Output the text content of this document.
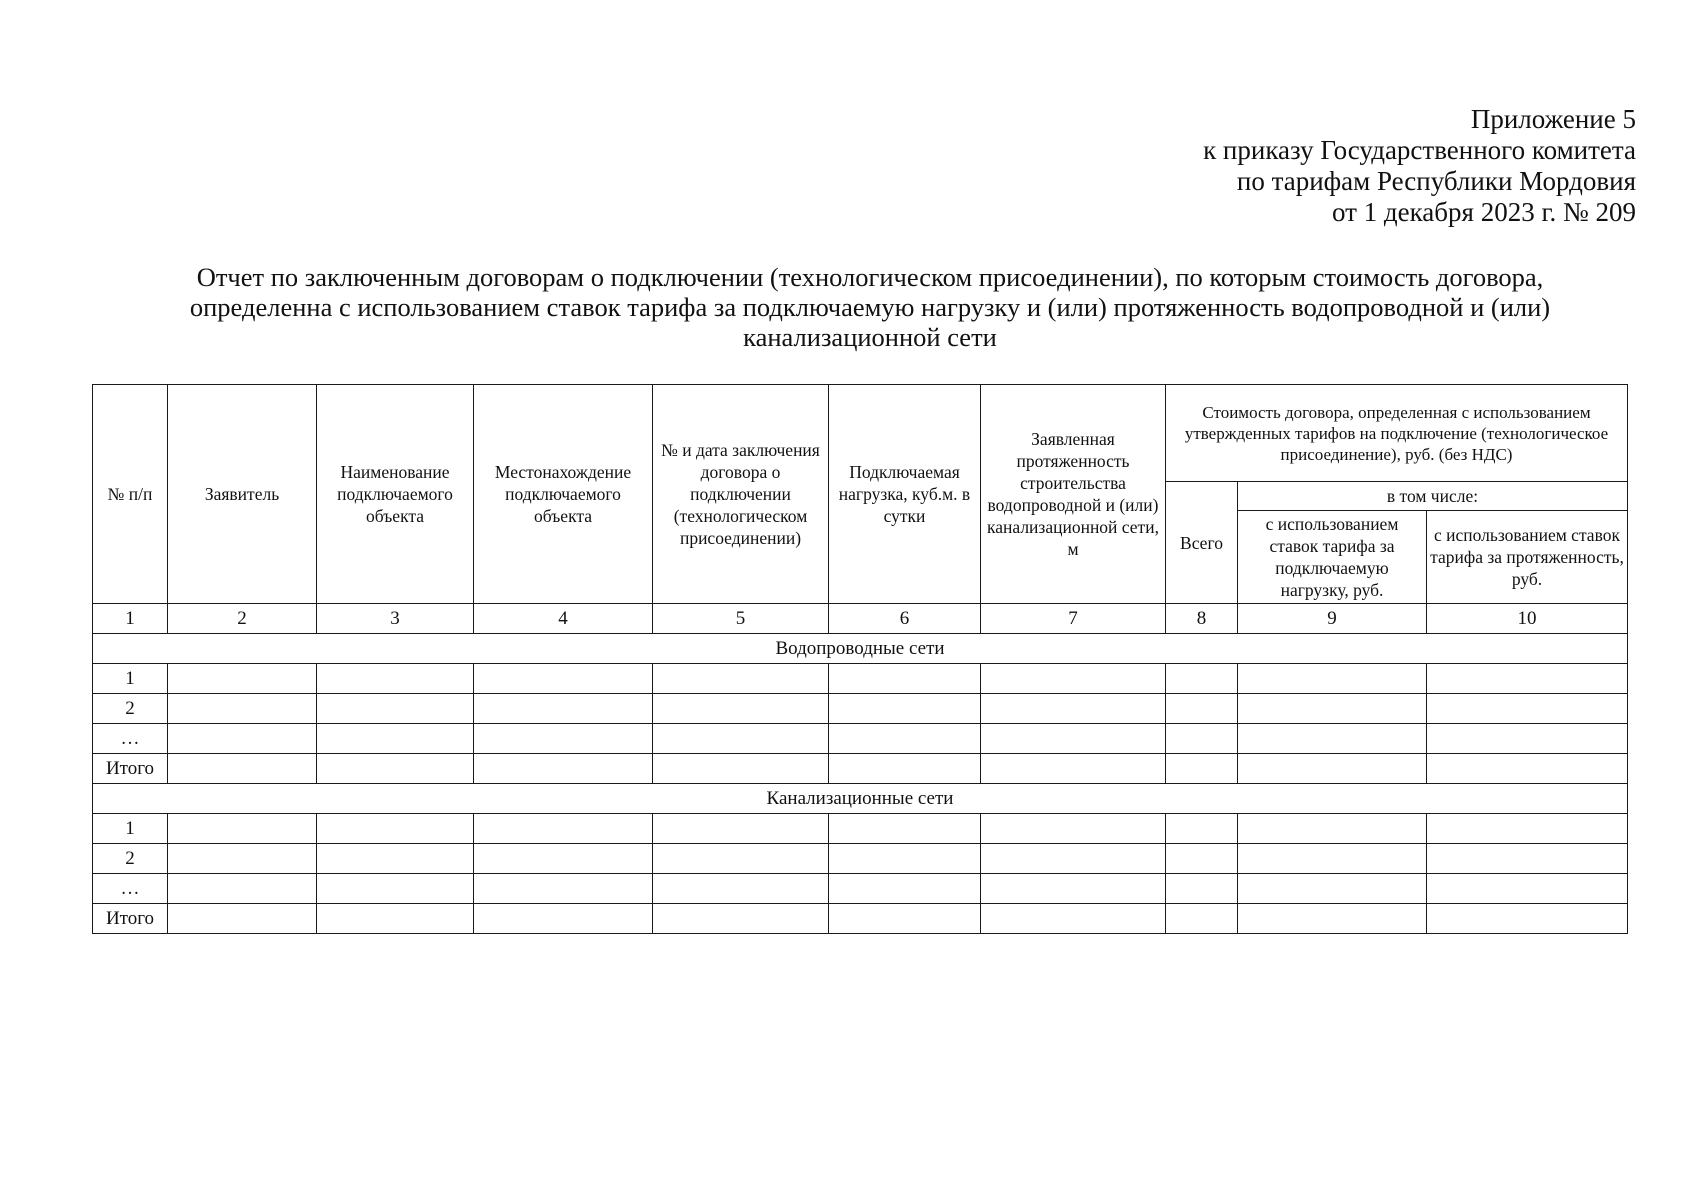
Приложение 5
к приказу Государственного комитета
по тарифам Республики Мордовия
от 1 декабря 2023 г. № 209
Отчет по заключенным договорам о подключении (технологическом присоединении), по которым стоимость договора,
определенна с использованием ставок тарифа за подключаемую нагрузку и (или) протяженность водопроводной и (или)
канализационной сети
№ п/п	Заявитель	Наименование подключаемого объекта	Местонахождение подключаемого объекта	№ и дата заключения договора о подключении (технологическом присоединении)	Подключаемая нагрузка, куб.м. в сутки	Заявленная протяженность строительства водопроводной и (или) канализационной сети, м	Стоимость договора, определенная с использованием утвержденных тарифов на подключение (технологическое присоединение), руб. (без НДС)		
							Всего	в том числе:	
								с использованием ставок тарифа за подключаемую нагрузку, руб.	с использованием ставок тарифа за протяженность, руб.
1	2	3	4	5	6	7	8	9	10
Водопроводные сети									
1									
2									
…									
Итого									
Канализационные сети									
1									
2									
…									
Итого									
